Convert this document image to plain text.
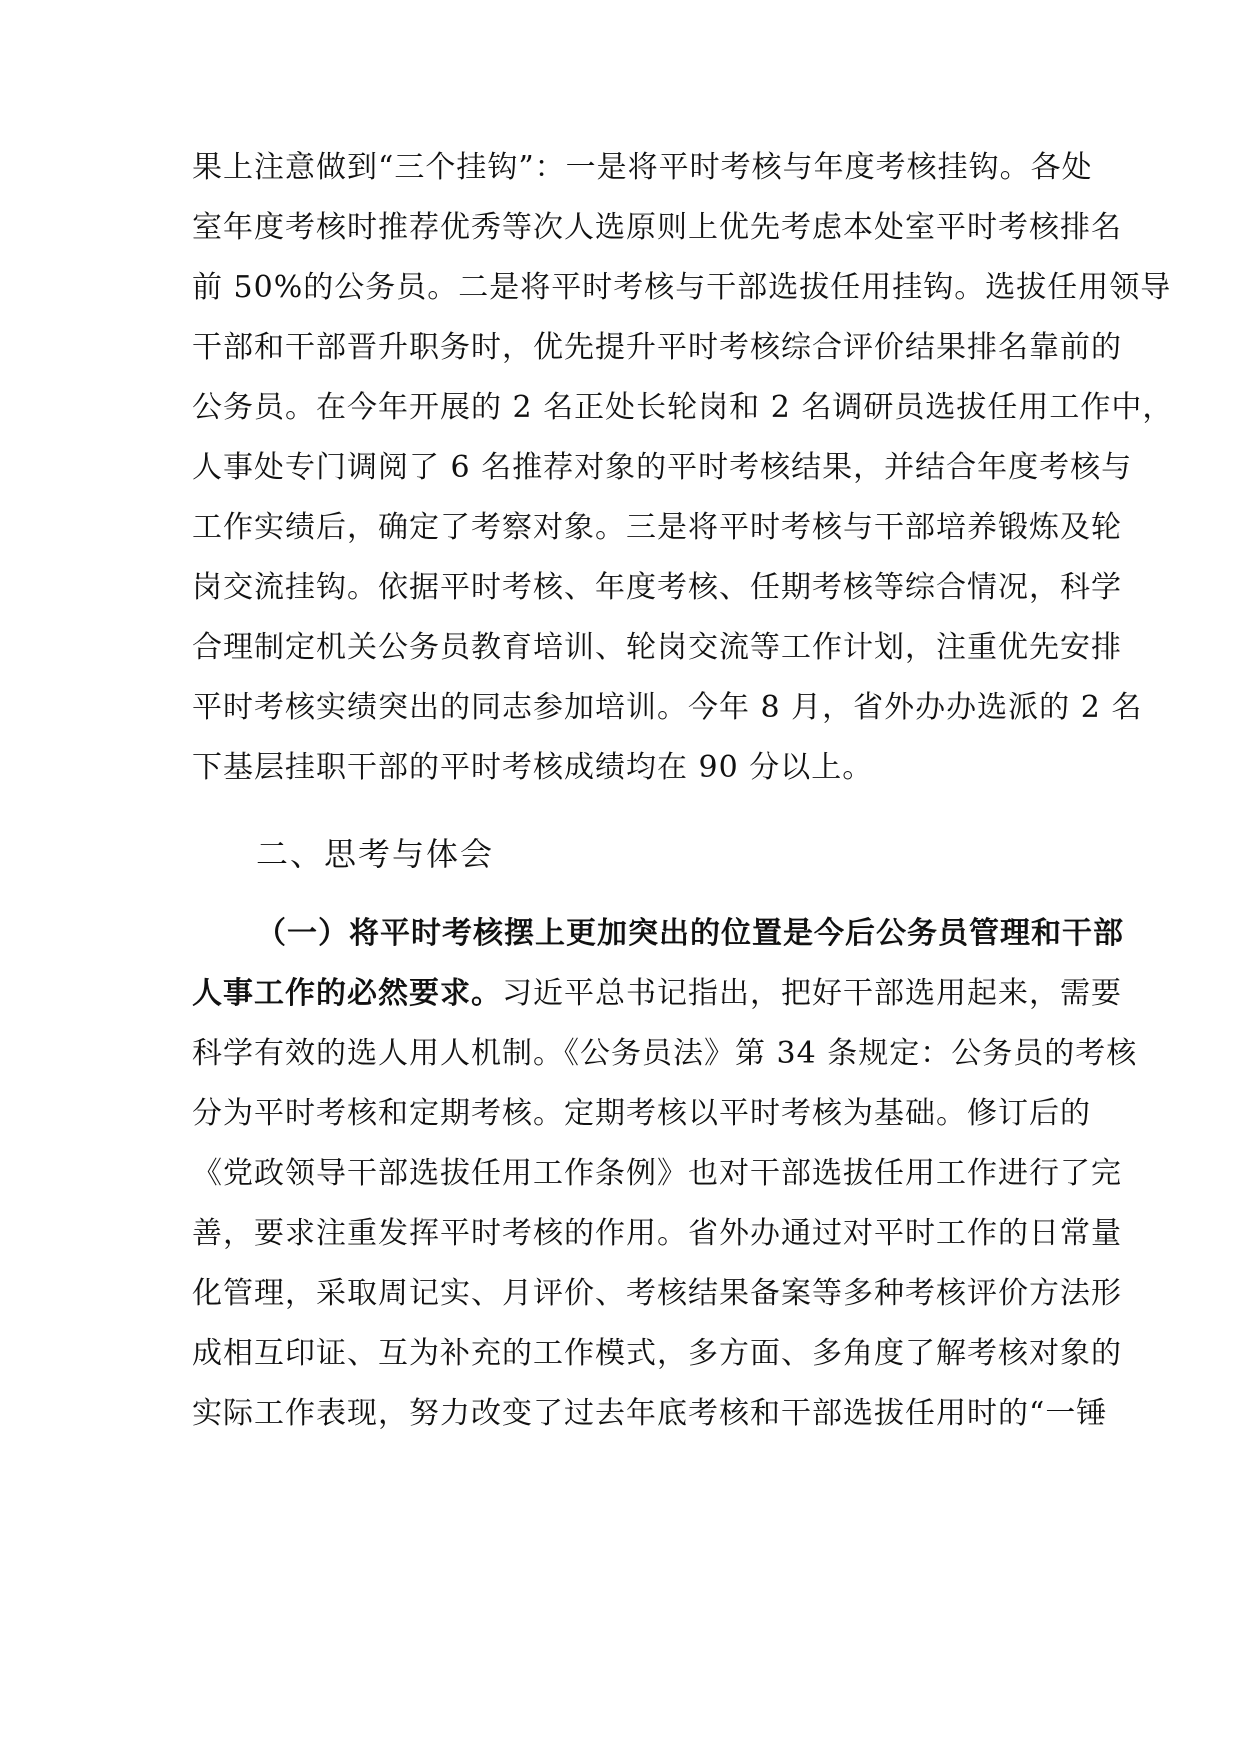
果上注意做到“三个挂钩”：一是将平时考核与年度考核挂钩。各处
室年度考核时推荐优秀等次人选原则上优先考虑本处室平时考核排名
前 50%的公务员。二是将平时考核与干部选拔任用挂钩。选拔任用领导
干部和干部晋升职务时，优先提升平时考核综合评价结果排名靠前的
公务员。在今年开展的 2 名正处长轮岗和 2 名调研员选拔任用工作中，
人事处专门调阅了 6 名推荐对象的平时考核结果，并结合年度考核与
工作实绩后，确定了考察对象。三是将平时考核与干部培养锻炼及轮
岗交流挂钩。依据平时考核、年度考核、任期考核等综合情况，科学
合理制定机关公务员教育培训、轮岗交流等工作计划，注重优先安排
平时考核实绩突出的同志参加培训。今年 8 月，省外办办选派的 2 名
下基层挂职干部的平时考核成绩均在 90 分以上。
二、思考与体会
（一）将平时考核摆上更加突出的位置是今后公务员管理和干部
人事工作的必然要求。习近平总书记指出，把好干部选用起来，需要
科学有效的选人用人机制。《公务员法》第 34 条规定：公务员的考核
分为平时考核和定期考核。定期考核以平时考核为基础。修订后的
《党政领导干部选拔任用工作条例》也对干部选拔任用工作进行了完
善，要求注重发挥平时考核的作用。省外办通过对平时工作的日常量
化管理，采取周记实、月评价、考核结果备案等多种考核评价方法形
成相互印证、互为补充的工作模式，多方面、多角度了解考核对象的
实际工作表现，努力改变了过去年底考核和干部选拔任用时的“一锤
